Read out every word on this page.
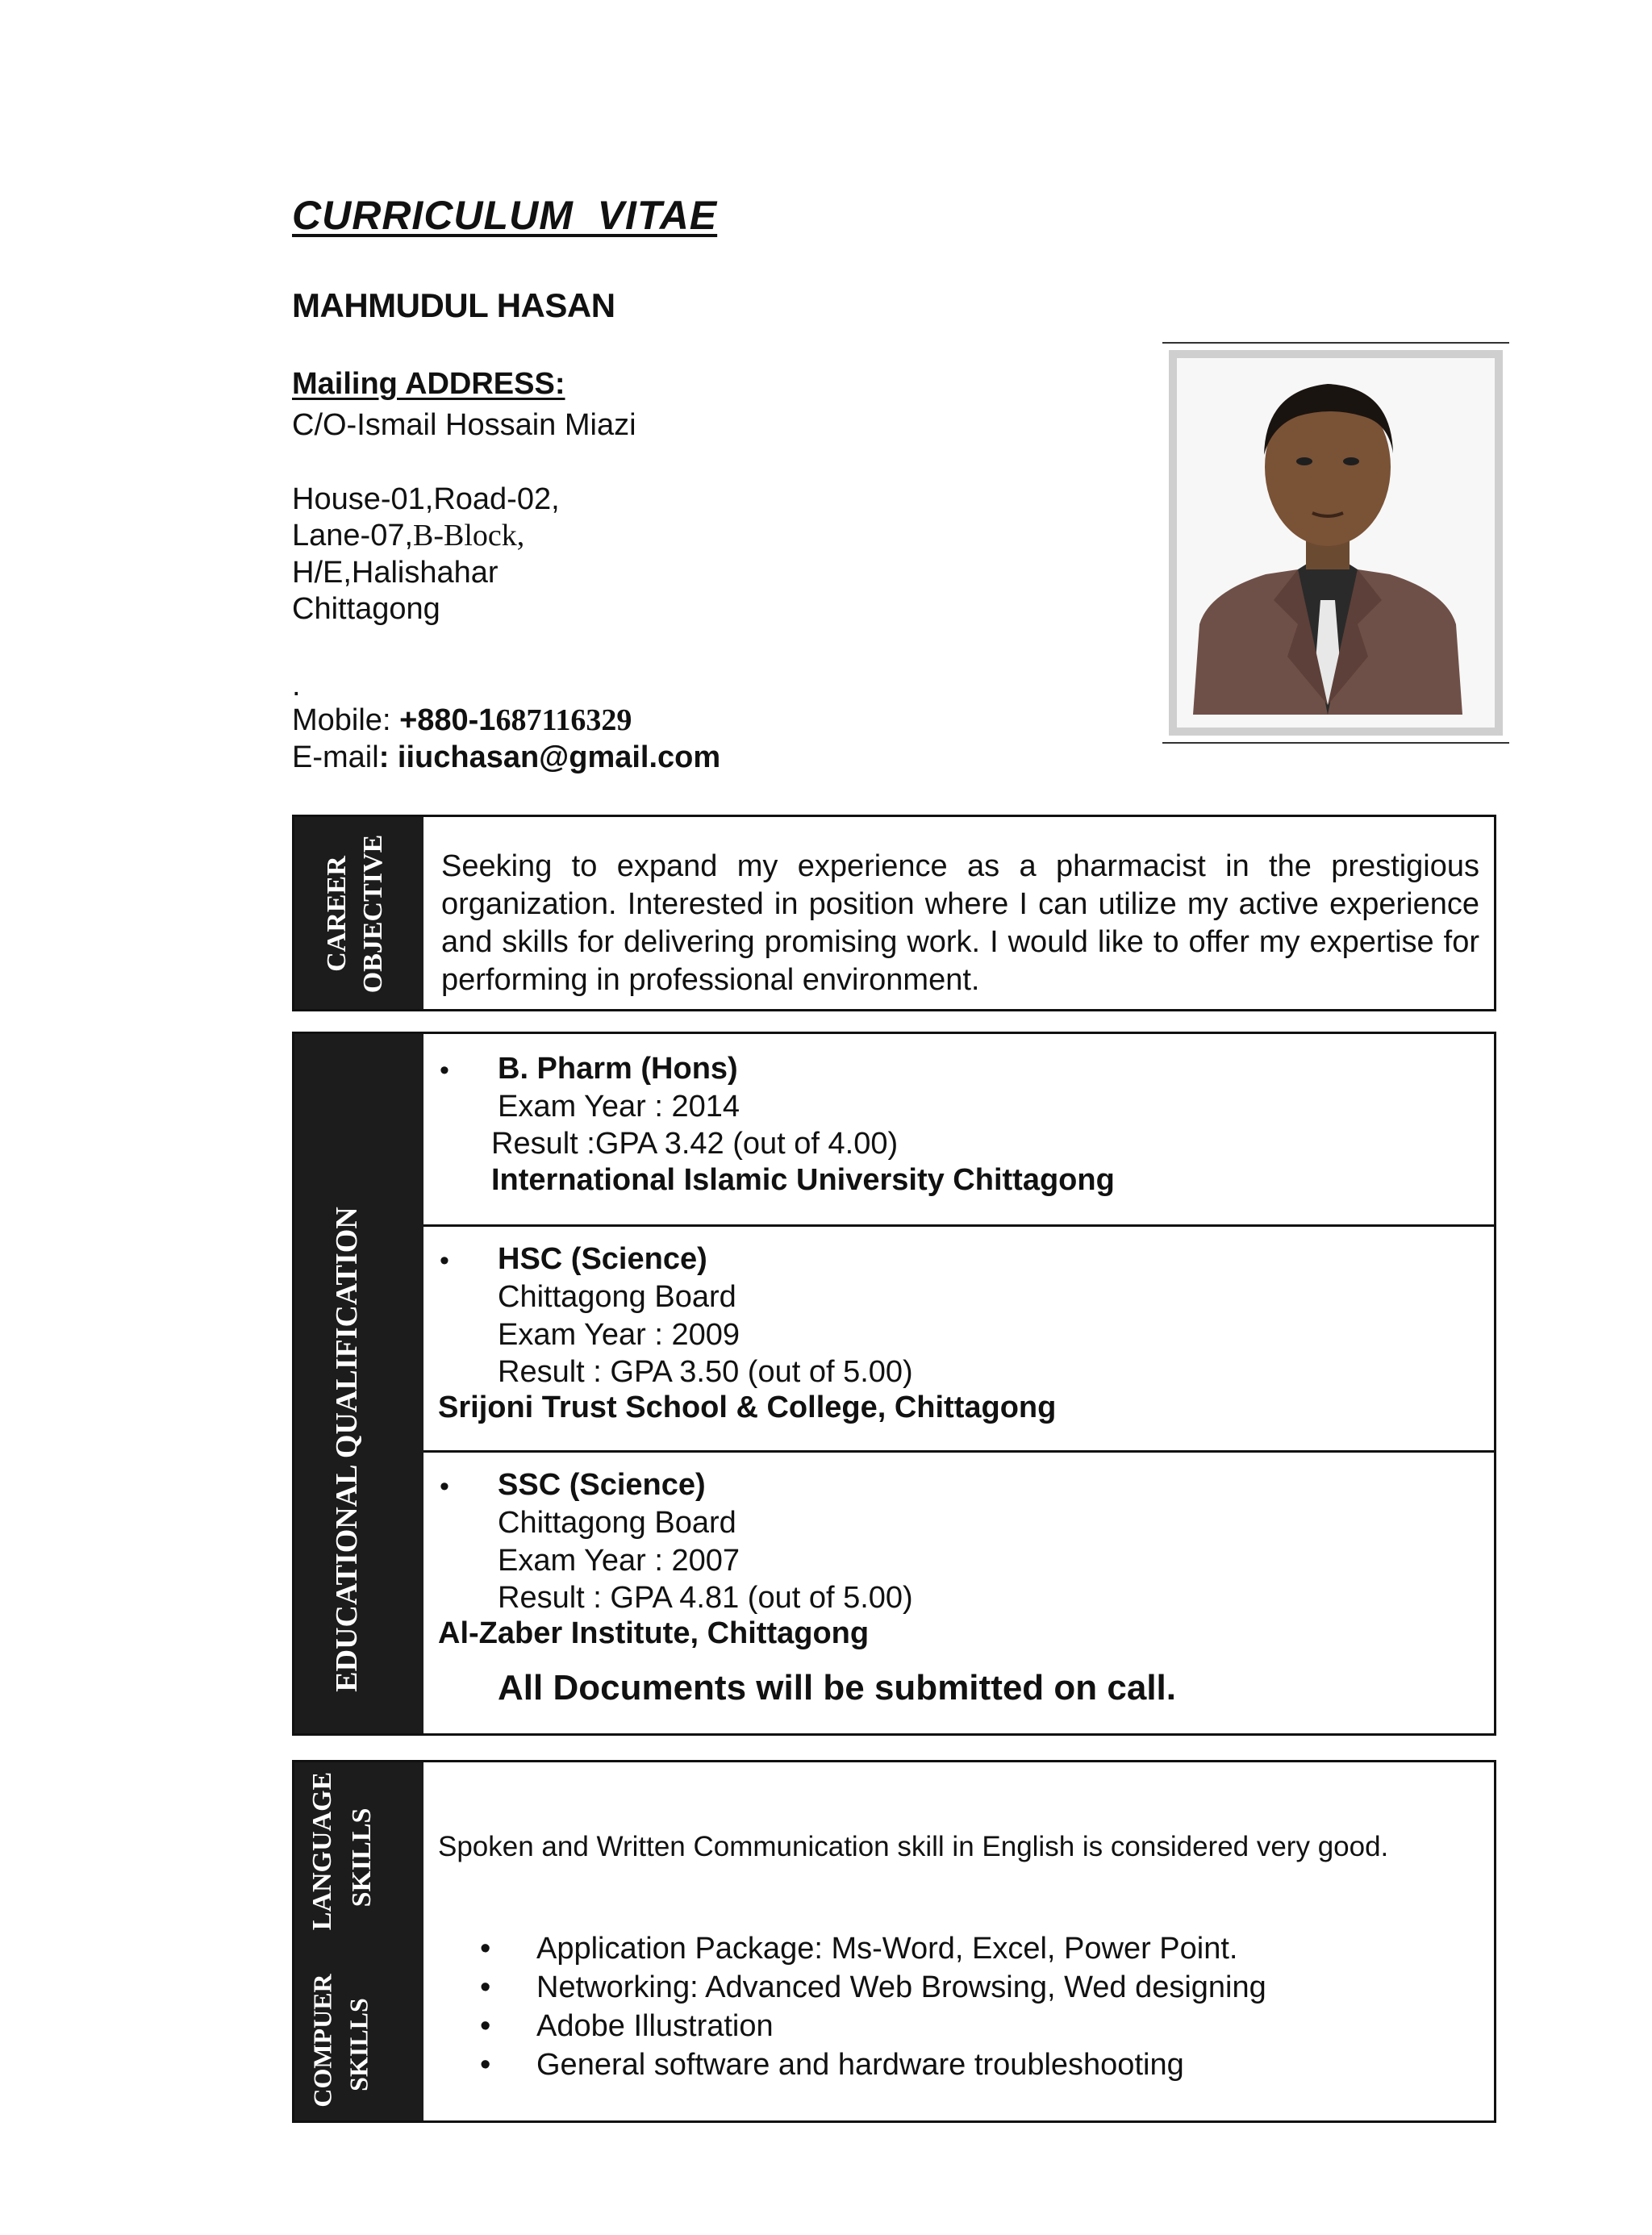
CURRICULUM  VITAE
MAHMUDUL HASAN
Mailing ADDRESS:
C/O-Ismail Hossain Miazi
House-01,Road-02,
Lane-07,B-Block,
H/E,Halishahar
Chittagong
.
Mobile: +880-1687116329
E-mail: iiuchasan@gmail.com
CAREER OBJECTIVE Seeking to expand my experience as a pharmacist in the prestigious organization. Interested in position where I can utilize my active experience and skills for delivering promising work. I would like to offer my expertise for performing in professional environment.
EDUCATIONAL QUALIFICATION
• B. Pharm (Hons)
Exam Year : 2014
Result :GPA 3.42 (out of 4.00)
International Islamic University Chittagong
• HSC (Science)
Chittagong Board
Exam Year : 2009
Result : GPA 3.50 (out of 5.00)
Srijoni Trust School & College, Chittagong
• SSC (Science)
Chittagong Board
Exam Year : 2007
Result : GPA 4.81 (out of 5.00)
Al-Zaber Institute, Chittagong
All Documents will be submitted on call.
LANGUAGE SKILLS
COMPUER SKILLS
Spoken and Written Communication skill in English is considered very good.
• Application Package: Ms-Word, Excel, Power Point.
• Networking: Advanced Web Browsing, Wed designing
• Adobe Illustration
• General software and hardware troubleshooting
